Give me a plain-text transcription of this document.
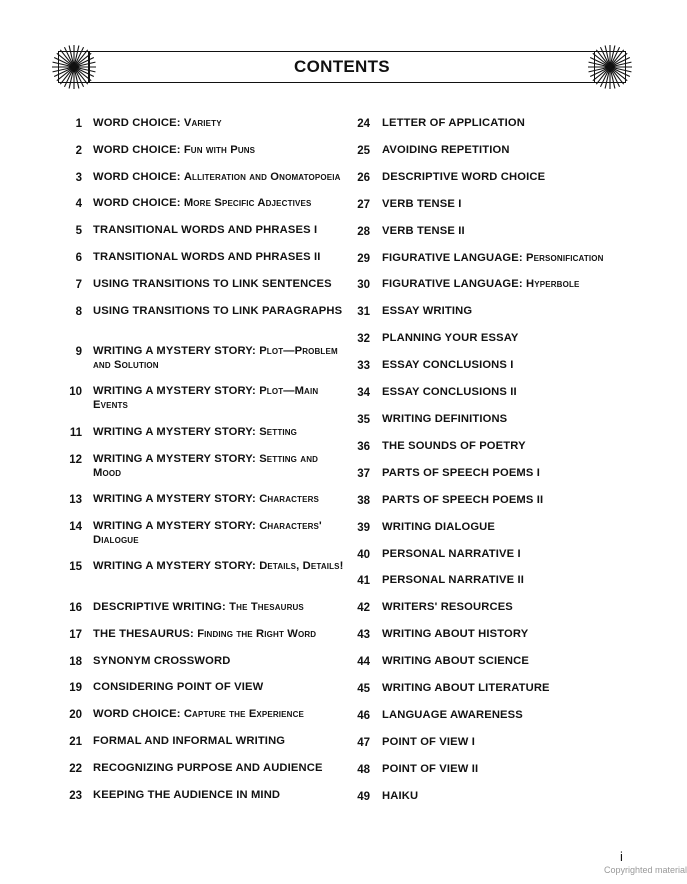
CONTENTS
1 WORD CHOICE: Variety
2 WORD CHOICE: Fun with Puns
3 WORD CHOICE: Alliteration and Onomatopoeia
4 WORD CHOICE: More Specific Adjectives
5 TRANSITIONAL WORDS AND PHRASES I
6 TRANSITIONAL WORDS AND PHRASES II
7 USING TRANSITIONS TO LINK SENTENCES
8 USING TRANSITIONS TO LINK PARAGRAPHS
9 WRITING A MYSTERY STORY: Plot—Problem and Solution
10 WRITING A MYSTERY STORY: Plot—Main Events
11 WRITING A MYSTERY STORY: Setting
12 WRITING A MYSTERY STORY: Setting and Mood
13 WRITING A MYSTERY STORY: Characters
14 WRITING A MYSTERY STORY: Characters' Dialogue
15 WRITING A MYSTERY STORY: Details, Details!
16 DESCRIPTIVE WRITING: The Thesaurus
17 THE THESAURUS: Finding the Right Word
18 SYNONYM CROSSWORD
19 CONSIDERING POINT OF VIEW
20 WORD CHOICE: Capture the Experience
21 FORMAL AND INFORMAL WRITING
22 RECOGNIZING PURPOSE AND AUDIENCE
23 KEEPING THE AUDIENCE IN MIND
24 LETTER OF APPLICATION
25 AVOIDING REPETITION
26 DESCRIPTIVE WORD CHOICE
27 VERB TENSE I
28 VERB TENSE II
29 FIGURATIVE LANGUAGE: Personification
30 FIGURATIVE LANGUAGE: Hyperbole
31 ESSAY WRITING
32 PLANNING YOUR ESSAY
33 ESSAY CONCLUSIONS I
34 ESSAY CONCLUSIONS II
35 WRITING DEFINITIONS
36 THE SOUNDS OF POETRY
37 PARTS OF SPEECH POEMS I
38 PARTS OF SPEECH POEMS II
39 WRITING DIALOGUE
40 PERSONAL NARRATIVE I
41 PERSONAL NARRATIVE II
42 WRITERS' RESOURCES
43 WRITING ABOUT HISTORY
44 WRITING ABOUT SCIENCE
45 WRITING ABOUT LITERATURE
46 LANGUAGE AWARENESS
47 POINT OF VIEW I
48 POINT OF VIEW II
49 HAIKU
i
Copyrighted material
